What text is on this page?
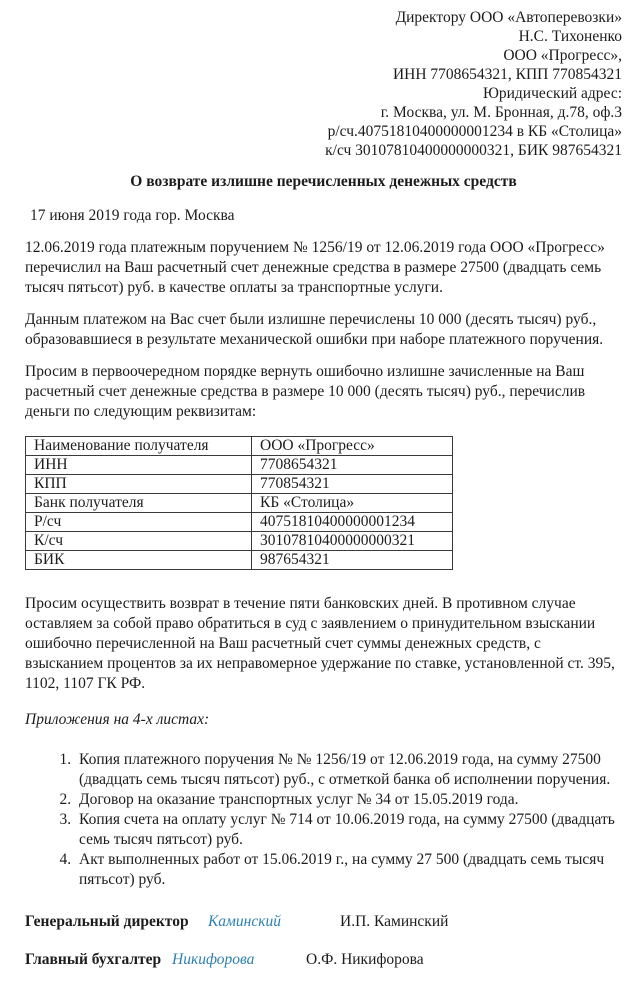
Директору ООО «Автоперевозки»
Н.С. Тихоненко
ООО «Прогресс»,
ИНН 7708654321, КПП 770854321
Юридический адрес:
г. Москва, ул. М. Бронная, д.78, оф.3
р/сч.40751810400000001234 в КБ «Столица»
к/сч 30107810400000000321, БИК 987654321
О возврате излишне перечисленных денежных средств
17 июня 2019 года гор. Москва
12.06.2019 года платежным поручением № 1256/19 от 12.06.2019 года ООО «Прогресс» перечислил на Ваш расчетный счет денежные средства в размере 27500 (двадцать семь тысяч пятьсот) руб. в качестве оплаты за транспортные услуги.
Данным платежом на Вас счет были излишне перечислены 10 000 (десять тысяч) руб., образовавшиеся в результате механической ошибки при наборе платежного поручения.
Просим в первоочередном порядке вернуть ошибочно излишне зачисленные на Ваш расчетный счет денежные средства в размере 10 000 (десять тысяч) руб., перечислив деньги по следующим реквизитам:
Наименование получателя	ООО «Прогресс»
ИНН	7708654321
КПП	770854321
Банк получателя	КБ «Столица»
Р/сч	40751810400000001234
К/сч	30107810400000000321
БИК	987654321
Просим осуществить возврат в течение пяти банковских дней. В противном случае оставляем за собой право обратиться в суд с заявлением о принудительном взыскании ошибочно перечисленной на Ваш расчетный счет суммы денежных средств, с взысканием процентов за их неправомерное удержание по ставке, установленной ст. 395, 1102, 1107 ГК РФ.
Приложения на 4-х листах:
1. Копия платежного поручения № № 1256/19 от 12.06.2019 года, на сумму 27500 (двадцать семь тысяч пятьсот) руб., с отметкой банка об исполнении поручения.
2. Договор на оказание транспортных услуг № 34 от 15.05.2019 года.
3. Копия счета на оплату услуг № 714 от 10.06.2019 года, на сумму 27500 (двадцать семь тысяч пятьсот) руб.
4. Акт выполненных работ от 15.06.2019 г., на сумму 27 500 (двадцать семь тысяч пятьсот) руб.
Генеральный директор	Каминский	И.П. Каминский
Главный бухгалтер Никифорова	О.Ф. Никифорова
